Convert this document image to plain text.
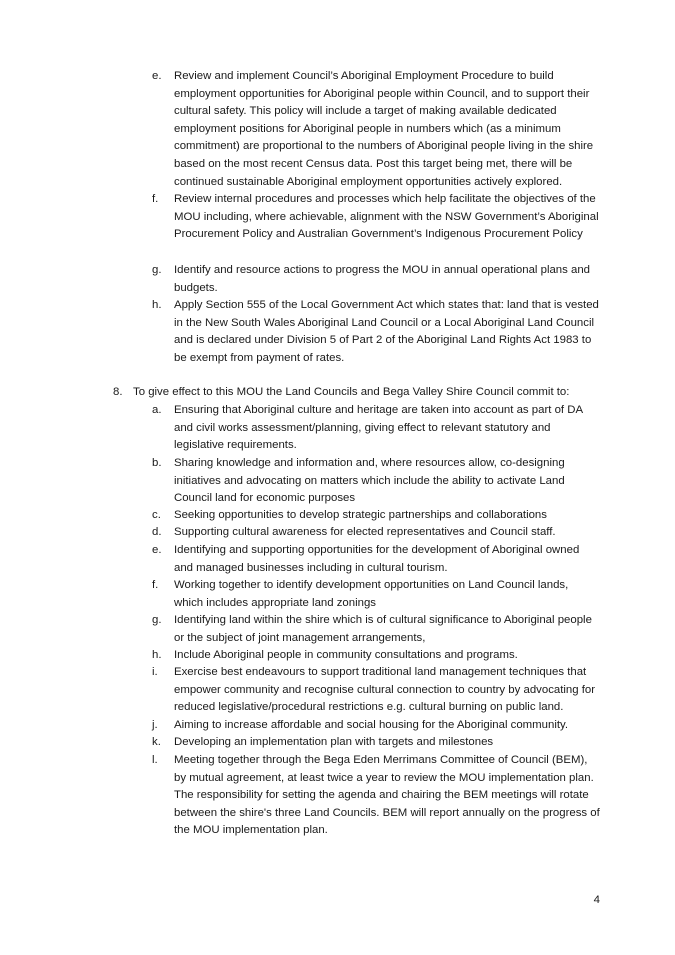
e.	Review and implement Council’s Aboriginal Employment Procedure to build employment opportunities for Aboriginal people within Council, and to support their cultural safety. This policy will include a target of making available dedicated employment positions for Aboriginal people in numbers which (as a minimum commitment) are proportional to the numbers of Aboriginal people living in the shire based on the most recent Census data. Post this target being met, there will be continued sustainable Aboriginal employment opportunities actively explored.
f.	Review internal procedures and processes which help facilitate the objectives of the MOU including, where achievable, alignment with the NSW Government’s Aboriginal Procurement Policy and Australian Government’s Indigenous Procurement Policy
g.	Identify and resource actions to progress the MOU in annual operational plans and budgets.
h.	Apply Section 555 of the Local Government Act which states that: land that is vested in the New South Wales Aboriginal Land Council or a Local Aboriginal Land Council and is declared under Division 5 of Part 2 of the Aboriginal Land Rights Act 1983 to be exempt from payment of rates.
8. To give effect to this MOU the Land Councils and Bega Valley Shire Council commit to:
a.	Ensuring that Aboriginal culture and heritage are taken into account as part of DA and civil works assessment/planning, giving effect to relevant statutory and legislative requirements.
b.	Sharing knowledge and information and, where resources allow, co-designing initiatives and advocating on matters which include the ability to activate Land Council land for economic purposes
c.	Seeking opportunities to develop strategic partnerships and collaborations
d.	Supporting cultural awareness for elected representatives and Council staff.
e.	Identifying and supporting opportunities for the development of Aboriginal owned and managed businesses including in cultural tourism.
f.	Working together to identify development opportunities on Land Council lands, which includes appropriate land zonings
g.	Identifying land within the shire which is of cultural significance to Aboriginal people or the subject of joint management arrangements,
h.	Include Aboriginal people in community consultations and programs.
i.	Exercise best endeavours to support traditional land management techniques that empower community and recognise cultural connection to country by advocating for reduced legislative/procedural restrictions e.g. cultural burning on public land.
j.	Aiming to increase affordable and social housing for the Aboriginal community.
k.	Developing an implementation plan with targets and milestones
l.	Meeting together through the Bega Eden Merrimans Committee of Council (BEM), by mutual agreement, at least twice a year to review the MOU implementation plan. The responsibility for setting the agenda and chairing the BEM meetings will rotate between the shire's three Land Councils. BEM will report annually on the progress of the MOU implementation plan.
4
